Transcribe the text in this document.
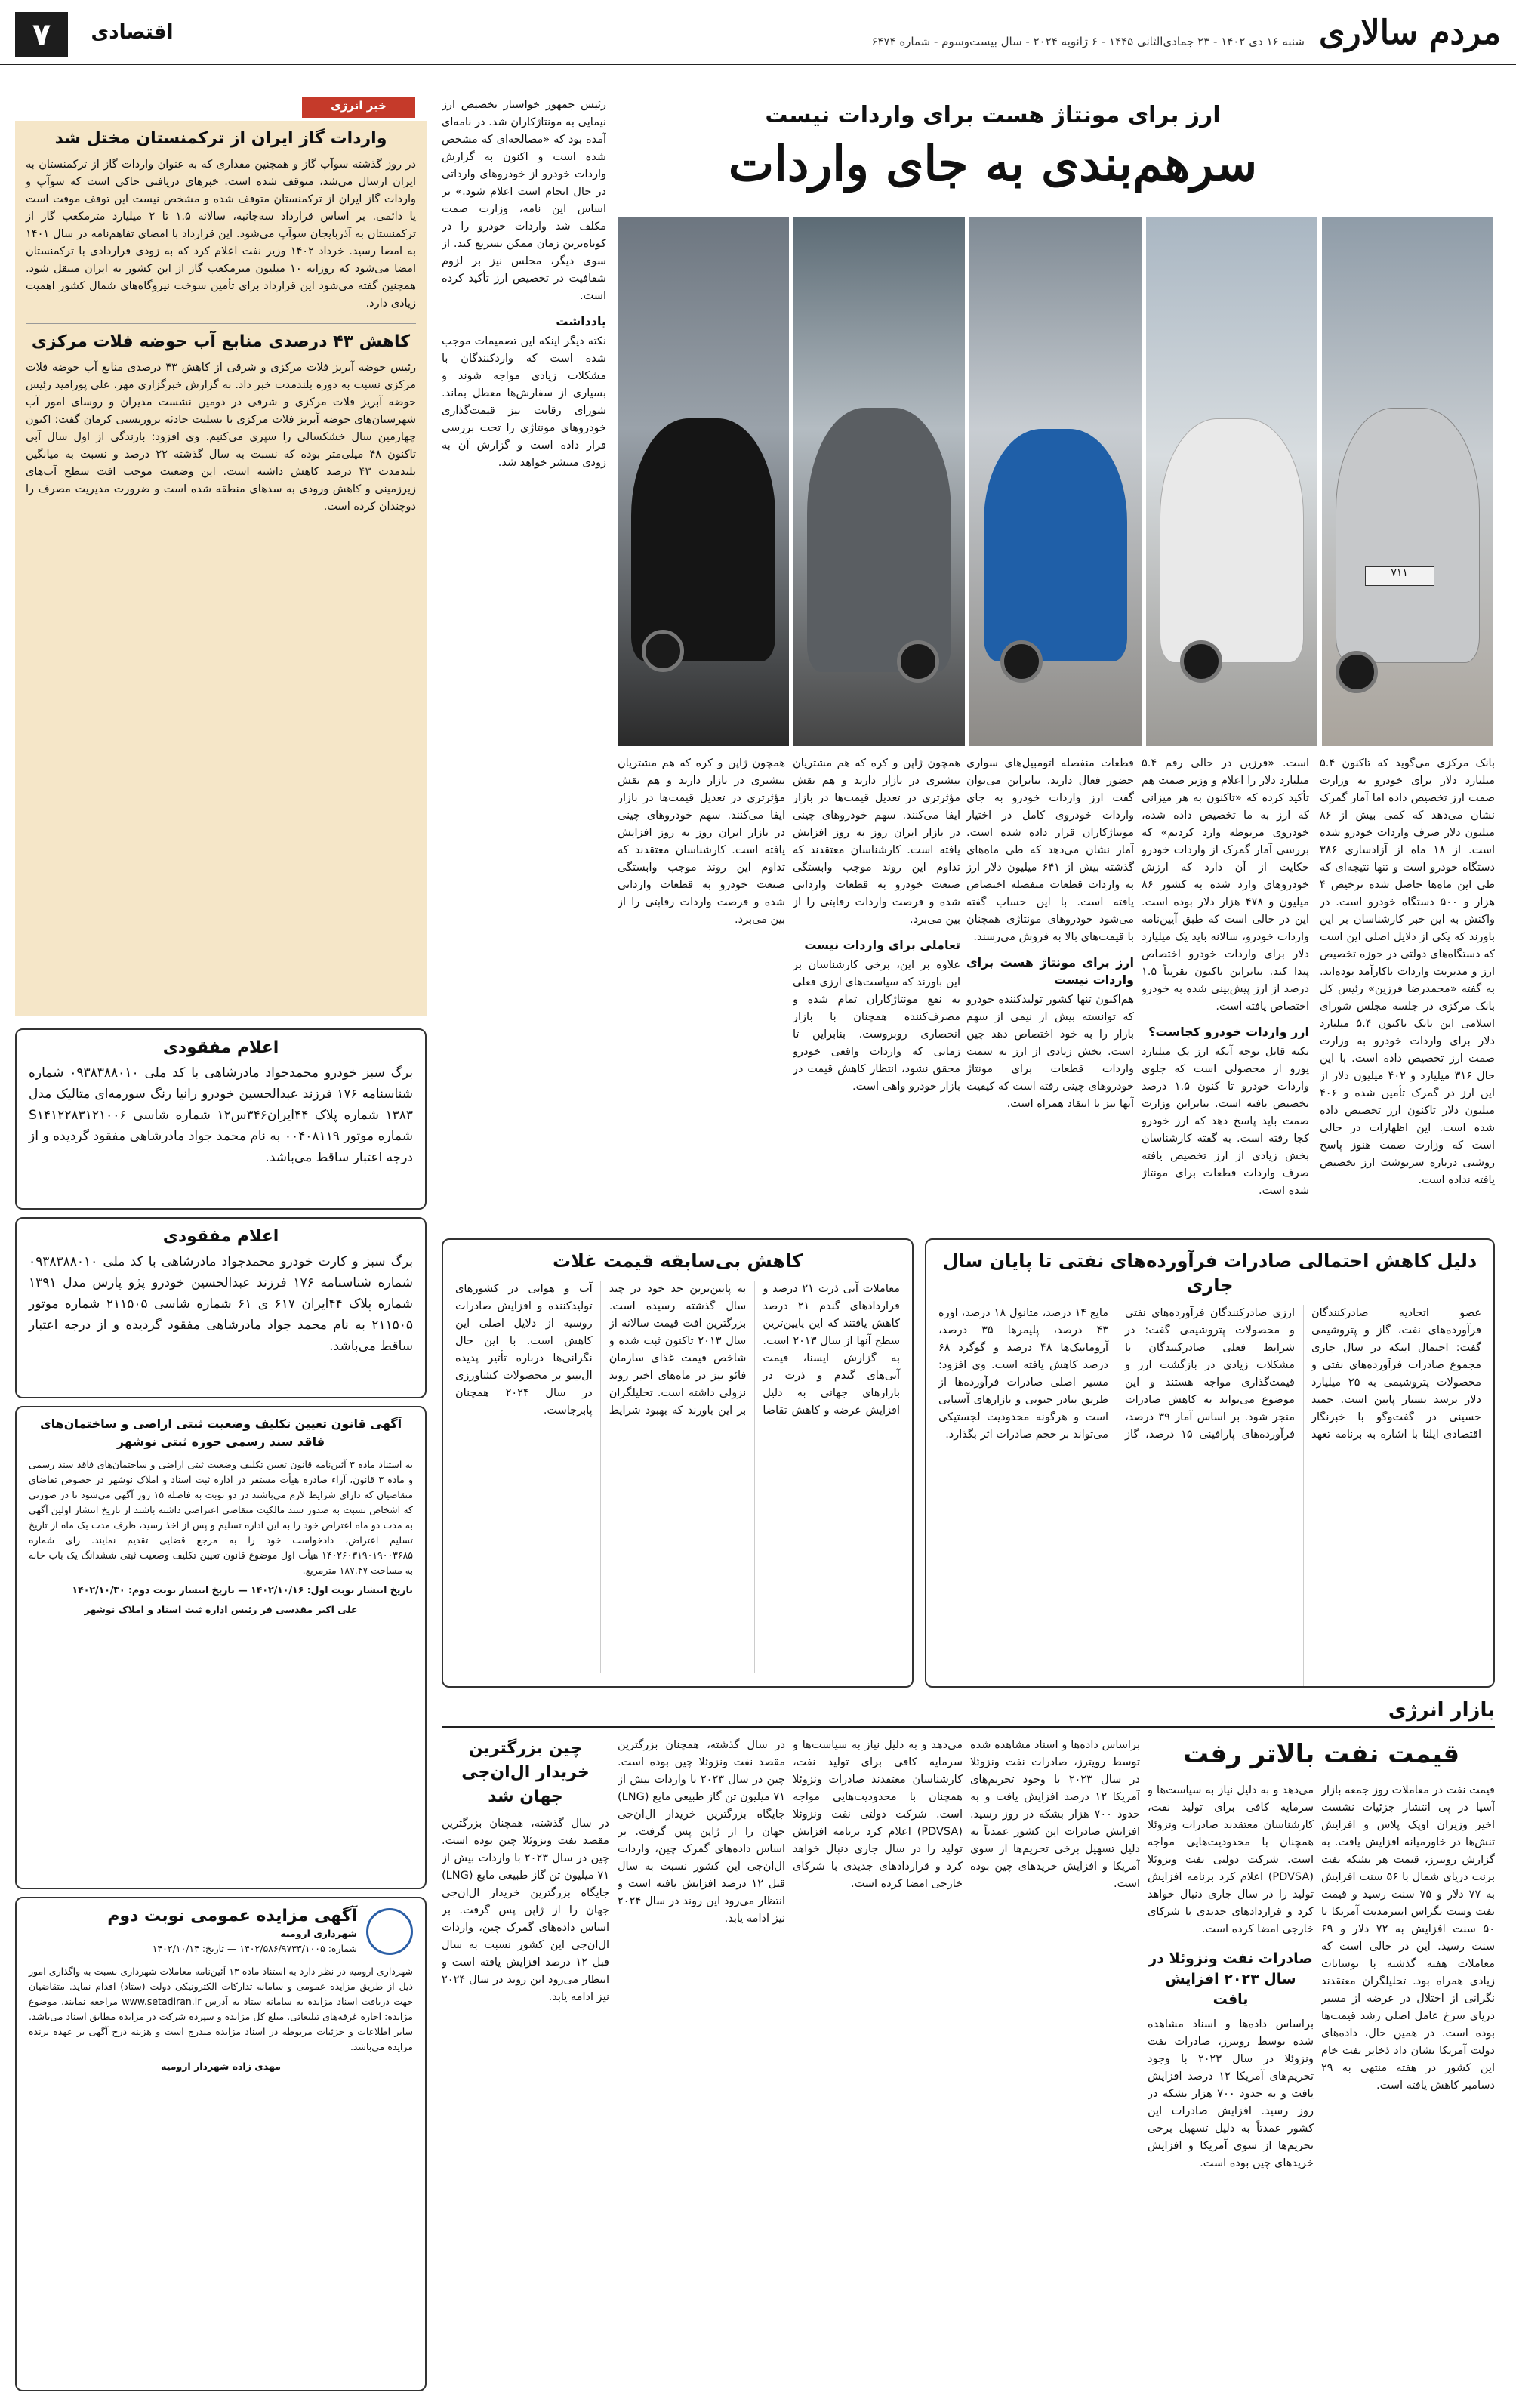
مردم سالاری
شنبه ۱۶ دی ۱۴۰۲ - ۲۳ جمادی‌الثانی ۱۴۴۵ - ۶ ژانویه ۲۰۲۴ - سال بیست‌وسوم - شماره ۶۴۷۴
اقتصادی
۷
ارز برای مونتاژ هست برای واردات نیست
سرهم‌بندی به جای واردات
۷۱۱

بانک مرکزی می‌گوید که تاکنون ۵.۴ میلیارد دلار برای خودرو به وزارت صمت ارز تخصیص داده اما آمار گمرک نشان می‌دهد که کمی بیش از ۸۶ میلیون دلار صرف واردات خودرو شده است. از ۱۸ ماه از آزادسازی ۳۸۶ دستگاه خودرو است و تنها نتیجه‌ای که طی این ماه‌ها حاصل شده ترخیص ۴ هزار و ۵۰۰ دستگاه خودرو است. در واکنش به این خبر کارشناسان بر این باورند که یکی از دلایل اصلی این است که دستگاه‌های دولتی در حوزه تخصیص ارز و مدیریت واردات ناکارآمد بوده‌اند. به گفته «محمدرضا فرزین» رئیس کل بانک مرکزی در جلسه مجلس شورای اسلامی این بانک تاکنون ۵.۴ میلیارد دلار برای واردات خودرو به وزارت صمت ارز تخصیص داده است. با این حال ۳۱۶ میلیارد و ۴۰۲ میلیون دلار از این ارز در گمرک تأمین شده و ۴۰۶ میلیون دلار تاکنون ارز تخصیص داده شده است. این اظهارات در حالی است که وزارت صمت هنوز پاسخ روشنی درباره سرنوشت ارز تخصیص یافته نداده است.

است. «فرزین در حالی رقم ۵.۴ میلیارد دلار را اعلام و وزیر صمت هم تأکید کرده که «تاکنون به هر میزانی که ارز به ما تخصیص داده شده، خودروی مربوطه وارد کردیم» که بررسی آمار گمرک از واردات خودرو حکایت از آن دارد که ارزش خودروهای وارد شده به کشور ۸۶ میلیون و ۴۷۸ هزار دلار بوده است. این در حالی است که طبق آیین‌نامه واردات خودرو، سالانه باید یک میلیارد دلار برای واردات خودرو اختصاص پیدا کند. بنابراین تاکنون تقریباً ۱.۵ درصد از ارز پیش‌بینی شده به خودرو اختصاص یافته است.

ارز واردات خودرو کجاست؟

نکته قابل توجه آنکه ارز یک میلیارد یورو از محصولی است که جلوی واردات خودرو تا کنون ۱.۵ درصد تخصیص یافته است. بنابراین وزارت صمت باید پاسخ دهد که ارز خودرو کجا رفته است. به گفته کارشناسان بخش زیادی از ارز تخصیص یافته صرف واردات قطعات برای مونتاژ شده است.

قطعات منفصله اتومبیل‌های سواری حضور فعال دارند. بنابراین می‌توان گفت ارز واردات خودرو به جای واردات خودروی کامل در اختیار مونتاژکاران قرار داده شده است. آمار نشان می‌دهد که طی ماه‌های گذشته بیش از ۶۴۱ میلیون دلار ارز به واردات قطعات منفصله اختصاص یافته است. با این حساب گفته می‌شود خودروهای مونتاژی همچنان با قیمت‌های بالا به فروش می‌رسند.

ارز برای مونتاژ هست برای واردات نیست

هم‌اکنون تنها کشور تولیدکننده خودرو که توانسته بیش از نیمی از سهم بازار را به خود اختصاص دهد چین است. بخش زیادی از ارز به سمت واردات قطعات برای مونتاژ خودروهای چینی رفته است که کیفیت آنها نیز با انتقاد همراه است.

همچون ژاپن و کره که هم مشتریان بیشتری در بازار دارند و هم نقش مؤثرتری در تعدیل قیمت‌ها در بازار ایفا می‌کنند. سهم خودروهای چینی در بازار ایران روز به روز افزایش یافته است. کارشناسان معتقدند که تداوم این روند موجب وابستگی صنعت خودرو به قطعات وارداتی شده و فرصت واردات رقابتی را از بین می‌برد.

تعاملی برای واردات نیست

علاوه بر این، برخی کارشناسان بر این باورند که سیاست‌های ارزی فعلی به نفع مونتاژکاران تمام شده و مصرف‌کننده همچنان با بازار انحصاری روبروست. بنابراین تا زمانی که واردات واقعی خودرو محقق نشود، انتظار کاهش قیمت در بازار خودرو واهی است.

همچون ژاپن و کره که هم مشتریان بیشتری در بازار دارند و هم نقش مؤثرتری در تعدیل قیمت‌ها در بازار ایفا می‌کنند. سهم خودروهای چینی در بازار ایران روز به روز افزایش یافته است. کارشناسان معتقدند که تداوم این روند موجب وابستگی صنعت خودرو به قطعات وارداتی شده و فرصت واردات رقابتی را از بین می‌برد.

رئیس جمهور خواستار تخصیص ارز نیمایی به مونتاژکاران شد. در نامه‌ای آمده بود که «مصالحه‌ای که مشخص شده است و اکنون به گزارش واردات خودرو از خودروهای وارداتی در حال انجام است اعلام شود.» بر اساس این نامه، وزارت صمت مکلف شد واردات خودرو را در کوتاه‌ترین زمان ممکن تسریع کند. از سوی دیگر، مجلس نیز بر لزوم شفافیت در تخصیص ارز تأکید کرده است.

یادداشت

نکته دیگر اینکه این تصمیمات موجب شده است که واردکنندگان با مشکلات زیادی مواجه شوند و بسیاری از سفارش‌ها معطل بماند. شورای رقابت نیز قیمت‌گذاری خودروهای مونتاژی را تحت بررسی قرار داده است و گزارش آن به زودی منتشر خواهد شد.

خبر انرژی
واردات گاز ایران از ترکمنستان مختل شد

در روز گذشته سوآپ گاز و همچنین مقداری که به عنوان واردات گاز از ترکمنستان به ایران ارسال می‌شد، متوقف شده است. خبرهای دریافتی حاکی است که سوآپ و واردات گاز ایران از ترکمنستان متوقف شده و مشخص نیست این توقف موقت است یا دائمی. بر اساس قرارداد سه‌جانبه، سالانه ۱.۵ تا ۲ میلیارد مترمکعب گاز از ترکمنستان به آذربایجان سوآپ می‌شود. این قرارداد با امضای تفاهم‌نامه در سال ۱۴۰۱ به امضا رسید. خرداد ۱۴۰۲ وزیر نفت اعلام کرد که به زودی قراردادی با ترکمنستان امضا می‌شود که روزانه ۱۰ میلیون مترمکعب گاز از این کشور به ایران منتقل شود. همچنین گفته می‌شود این قرارداد برای تأمین سوخت نیروگاه‌های شمال کشور اهمیت زیادی دارد.

کاهش ۴۳ درصدی منابع آب حوضه فلات مرکزی

رئیس حوضه آبریز فلات مرکزی و شرقی از کاهش ۴۳ درصدی منابع آب حوضه فلات مرکزی نسبت به دوره بلندمدت خبر داد. به گزارش خبرگزاری مهر، علی پورامید رئیس حوضه آبریز فلات مرکزی و شرقی در دومین نشست مدیران و روسای امور آب شهرستان‌های حوضه آبریز فلات مرکزی با تسلیت حادثه تروریستی کرمان گفت: اکنون چهارمین سال خشکسالی را سپری می‌کنیم. وی افزود: بارندگی از اول سال آبی تاکنون ۴۸ میلی‌متر بوده که نسبت به سال گذشته ۲۲ درصد و نسبت به میانگین بلندمدت ۴۳ درصد کاهش داشته است. این وضعیت موجب افت سطح آب‌های زیرزمینی و کاهش ورودی به سدهای منطقه شده است و ضرورت مدیریت مصرف را دوچندان کرده است.

اعلام مفقودی

برگ سبز خودرو محمدجواد مادرشاهی با کد ملی ۰۹۳۸۳۸۸۰۱۰ شماره شناسنامه ۱۷۶ فرزند عبدالحسین خودرو رانیا رنگ سورمه‌ای متالیک مدل ۱۳۸۳ شماره پلاک ۴۴ایران۳۴۶س۱۲ شماره شاسی S۱۴۱۲۲۸۳۱۲۱۰۰۶ شماره موتور ۰۰۴۰۸۱۱۹ به نام محمد جواد مادرشاهی مفقود گردیده و از درجه اعتبار ساقط می‌باشد.

اعلام مفقودی

برگ سبز و کارت خودرو محمدجواد مادرشاهی با کد ملی ۰۹۳۸۳۸۸۰۱۰ شماره شناسنامه ۱۷۶ فرزند عبدالحسین خودرو پژو پارس مدل ۱۳۹۱ شماره پلاک ۴۴ایران ۶۱۷ ی ۶۱ شماره شاسی ۲۱۱۵۰۵ شماره موتور ۲۱۱۵۰۵ به نام محمد جواد مادرشاهی مفقود گردیده و از درجه اعتبار ساقط می‌باشد.

آگهی قانون تعیین تکلیف وضعیت ثبتی اراضی و ساختمان‌های فاقد سند رسمی حوزه ثبتی نوشهر

به استناد ماده ۳ آئین‌نامه قانون تعیین تکلیف وضعیت ثبتی اراضی و ساختمان‌های فاقد سند رسمی و ماده ۳ قانون، آراء صادره هیأت مستقر در اداره ثبت اسناد و املاک نوشهر در خصوص تقاضای متقاضیان که دارای شرایط لازم می‌باشند در دو نوبت به فاصله ۱۵ روز آگهی می‌شود تا در صورتی که اشخاص نسبت به صدور سند مالکیت متقاضی اعتراضی داشته باشند از تاریخ انتشار اولین آگهی به مدت دو ماه اعتراض خود را به این اداره تسلیم و پس از اخذ رسید، ظرف مدت یک ماه از تاریخ تسلیم اعتراض، دادخواست خود را به مرجع قضایی تقدیم نمایند. رای شماره ۱۴۰۲۶۰۳۱۹۰۱۹۰۰۳۶۸۵ هیأت اول موضوع قانون تعیین تکلیف وضعیت ثبتی ششدانگ یک باب خانه به مساحت ۱۸۷.۴۷ مترمربع.

تاریخ انتشار نوبت اول: ۱۴۰۲/۱۰/۱۶ — تاریخ انتشار نوبت دوم: ۱۴۰۲/۱۰/۳۰

علی اکبر مقدسی فر رئیس اداره ثبت اسناد و املاک نوشهر

آگهی مزایده عمومی نوبت دوم
شهرداری ارومیه
شماره: ۱۴۰۲/۵۸۶/۹۷۳۳/۱۰۰۵ — تاریخ: ۱۴۰۲/۱۰/۱۴

شهرداری ارومیه در نظر دارد به استناد ماده ۱۳ آئین‌نامه معاملات شهرداری نسبت به واگذاری امور ذیل از طریق مزایده عمومی و سامانه تدارکات الکترونیکی دولت (ستاد) اقدام نماید. متقاضیان جهت دریافت اسناد مزایده به سامانه ستاد به آدرس www.setadiran.ir مراجعه نمایند. موضوع مزایده: اجاره غرفه‌های تبلیغاتی. مبلغ کل مزایده و سپرده شرکت در مزایده مطابق اسناد می‌باشد. سایر اطلاعات و جزئیات مربوطه در اسناد مزایده مندرج است و هزینه درج آگهی بر عهده برنده مزایده می‌باشد.

مهدی زاده شهردار ارومیه

دلیل کاهش احتمالی صادرات فرآورده‌های نفتی تا پایان سال جاری

عضو اتحادیه صادرکنندگان فرآورده‌های نفت، گاز و پتروشیمی گفت: احتمال اینکه در سال جاری مجموع صادرات فرآورده‌های نفتی و محصولات پتروشیمی به ۲۵ میلیارد دلار برسد بسیار پایین است. حمید حسینی در گفت‌وگو با خبرنگار اقتصادی ایلنا با اشاره به برنامه تعهد ارزی صادرکنندگان فرآورده‌های نفتی و محصولات پتروشیمی گفت: در شرایط فعلی صادرکنندگان با مشکلات زیادی در بازگشت ارز و قیمت‌گذاری مواجه هستند و این موضوع می‌تواند به کاهش صادرات منجر شود. بر اساس آمار ۳۹ درصد، فرآورده‌های پارافینی ۱۵ درصد، گاز مایع ۱۴ درصد، متانول ۱۸ درصد، اوره ۴۳ درصد، پلیمرها ۳۵ درصد، آروماتیک‌ها ۴۸ درصد و گوگرد ۶۸ درصد کاهش یافته است. وی افزود: مسیر اصلی صادرات فرآورده‌ها از طریق بنادر جنوبی و بازارهای آسیایی است و هرگونه محدودیت لجستیکی می‌تواند بر حجم صادرات اثر بگذارد.

کاهش بی‌سابقه قیمت غلات

معاملات آتی ذرت ۲۱ درصد و قراردادهای گندم ۲۱ درصد کاهش یافتند که این پایین‌ترین سطح آنها از سال ۲۰۱۳ است. به گزارش ایسنا، قیمت آتی‌های گندم و ذرت در بازارهای جهانی به دلیل افزایش عرضه و کاهش تقاضا به پایین‌ترین حد خود در چند سال گذشته رسیده است. بزرگترین افت قیمت سالانه از سال ۲۰۱۳ تاکنون ثبت شده و شاخص قیمت غذای سازمان فائو نیز در ماه‌های اخیر روند نزولی داشته است. تحلیلگران بر این باورند که بهبود شرایط آب و هوایی در کشورهای تولیدکننده و افزایش صادرات روسیه از دلایل اصلی این کاهش است. با این حال نگرانی‌ها درباره تأثیر پدیده ال‌نینو بر محصولات کشاورزی در سال ۲۰۲۴ همچنان پابرجاست.

بازار انرژی
قیمت نفت بالاتر رفت

قیمت نفت در معاملات روز جمعه بازار آسیا در پی انتشار جزئیات نشست اخیر وزیران اوپک پلاس و افزایش تنش‌ها در خاورمیانه افزایش یافت. به گزارش رویترز، قیمت هر بشکه نفت برنت دریای شمال با ۵۶ سنت افزایش به ۷۷ دلار و ۷۵ سنت رسید و قیمت نفت وست تگزاس اینترمدیت آمریکا با ۵۰ سنت افزایش به ۷۲ دلار و ۶۹ سنت رسید. این در حالی است که معاملات هفته گذشته با نوسانات زیادی همراه بود. تحلیلگران معتقدند نگرانی از اختلال در عرضه از مسیر دریای سرخ عامل اصلی رشد قیمت‌ها بوده است. در همین حال، داده‌های دولت آمریکا نشان داد ذخایر نفت خام این کشور در هفته منتهی به ۲۹ دسامبر کاهش یافته است.

می‌دهد و به دلیل نیاز به سیاست‌ها و سرمایه کافی برای تولید نفت، کارشناسان معتقدند صادرات ونزوئلا همچنان با محدودیت‌هایی مواجه است. شرکت دولتی نفت ونزوئلا (PDVSA) اعلام کرد برنامه افزایش تولید را در سال جاری دنبال خواهد کرد و قراردادهای جدیدی با شرکای خارجی امضا کرده است.

صادرات نفت ونزوئلا در سال ۲۰۲۳ افزایش یافت

براساس داده‌ها و اسناد مشاهده شده توسط رویترز، صادرات نفت ونزوئلا در سال ۲۰۲۳ با وجود تحریم‌های آمریکا ۱۲ درصد افزایش یافت و به حدود ۷۰۰ هزار بشکه در روز رسید. افزایش صادرات این کشور عمدتاً به دلیل تسهیل برخی تحریم‌ها از سوی آمریکا و افزایش خریدهای چین بوده است.

براساس داده‌ها و اسناد مشاهده شده توسط رویترز، صادرات نفت ونزوئلا در سال ۲۰۲۳ با وجود تحریم‌های آمریکا ۱۲ درصد افزایش یافت و به حدود ۷۰۰ هزار بشکه در روز رسید. افزایش صادرات این کشور عمدتاً به دلیل تسهیل برخی تحریم‌ها از سوی آمریکا و افزایش خریدهای چین بوده است.

می‌دهد و به دلیل نیاز به سیاست‌ها و سرمایه کافی برای تولید نفت، کارشناسان معتقدند صادرات ونزوئلا همچنان با محدودیت‌هایی مواجه است. شرکت دولتی نفت ونزوئلا (PDVSA) اعلام کرد برنامه افزایش تولید را در سال جاری دنبال خواهد کرد و قراردادهای جدیدی با شرکای خارجی امضا کرده است.

در سال گذشته، همچنان بزرگترین مقصد نفت ونزوئلا چین بوده است. چین در سال ۲۰۲۳ با واردات بیش از ۷۱ میلیون تن گاز طبیعی مایع (LNG) جایگاه بزرگترین خریدار ال‌ان‌جی جهان را از ژاپن پس گرفت. بر اساس داده‌های گمرک چین، واردات ال‌ان‌جی این کشور نسبت به سال قبل ۱۲ درصد افزایش یافته است و انتظار می‌رود این روند در سال ۲۰۲۴ نیز ادامه یابد.

چین بزرگترین خریدار ال‌ان‌جی جهان شد

در سال گذشته، همچنان بزرگترین مقصد نفت ونزوئلا چین بوده است. چین در سال ۲۰۲۳ با واردات بیش از ۷۱ میلیون تن گاز طبیعی مایع (LNG) جایگاه بزرگترین خریدار ال‌ان‌جی جهان را از ژاپن پس گرفت. بر اساس داده‌های گمرک چین، واردات ال‌ان‌جی این کشور نسبت به سال قبل ۱۲ درصد افزایش یافته است و انتظار می‌رود این روند در سال ۲۰۲۴ نیز ادامه یابد.
